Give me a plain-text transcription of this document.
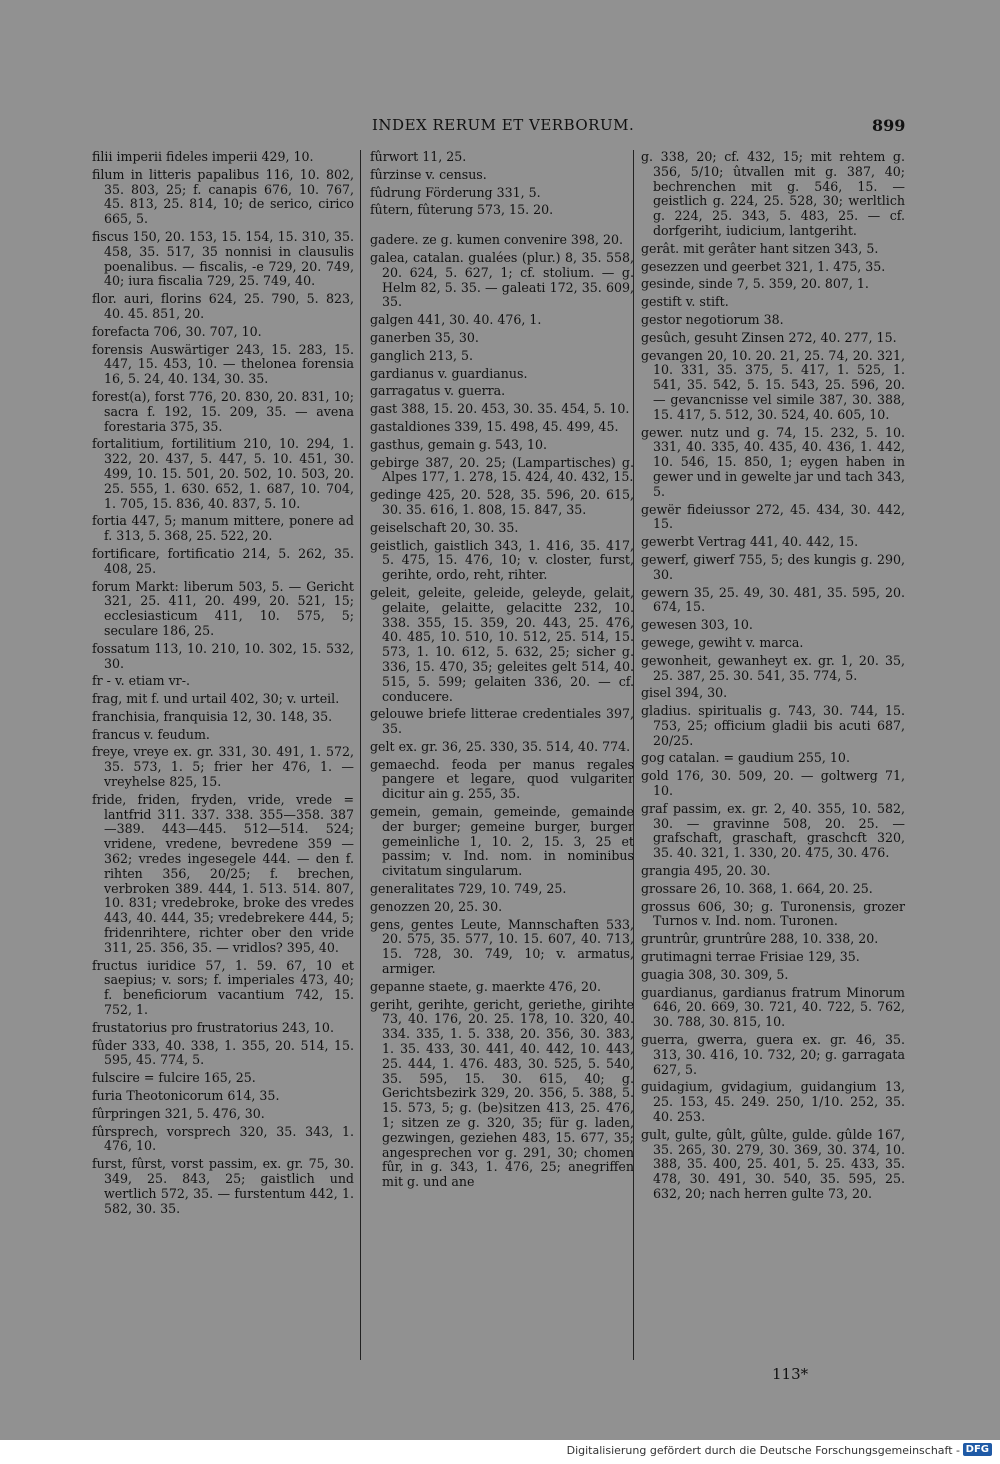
INDEX RERUM ET VERBORUM.	899
filii imperii fideles imperii 429, 10.
filum in litteris papalibus 116, 10. 802, 35. 803, 25; f. canapis 676, 10. 767, 45. 813, 25. 814, 10; de serico, cirico 665, 5.
fiscus 150, 20. 153, 15. 154, 15. 310, 35. 458, 35. 517, 35 nonnisi in clausulis poenalibus. — fiscalis, -e 729, 20. 749, 40; iura fiscalia 729, 25. 749, 40.
flor. auri, florins 624, 25. 790, 5. 823, 40. 45. 851, 20.
forefacta 706, 30. 707, 10.
forensis Auswärtiger 243, 15. 283, 15. 447, 15. 453, 10. — thelonea forensia 16, 5. 24, 40. 134, 30. 35.
forest(a), forst 776, 20. 830, 20. 831, 10; sacra f. 192, 15. 209, 35. — avena forestaria 375, 35.
fortalitium, fortilitium 210, 10. 294, 1. 322, 20. 437, 5. 447, 5. 10. 451, 30. 499, 10. 15. 501, 20. 502, 10. 503, 20. 25. 555, 1. 630. 652, 1. 687, 10. 704, 1. 705, 15. 836, 40. 837, 5. 10.
fortia 447, 5; manum mittere, ponere ad f. 313, 5. 368, 25. 522, 20.
fortificare, fortificatio 214, 5. 262, 35. 408, 25.
forum Markt: liberum 503, 5. — Gericht 321, 25. 411, 20. 499, 20. 521, 15; ecclesiasticum 411, 10. 575, 5; seculare 186, 25.
fossatum 113, 10. 210, 10. 302, 15. 532, 30.
fr - v. etiam vr-.
frag, mit f. und urtail 402, 30; v. urteil.
franchisia, franquisia 12, 30. 148, 35.
francus v. feudum.
freye, vreye ex. gr. 331, 30. 491, 1. 572, 35. 573, 1. 5; frier her 476, 1. — vreyhelse 825, 15.
fride, friden, fryden, vride, vrede = lantfrid 311. 337. 338. 355—358. 387—389. 443—445. 512—514. 524; vridene, vredene, bevredene 359 —362; vredes ingesegele 444. — den f. rihten 356, 20/25; f. brechen, verbroken 389. 444, 1. 513. 514. 807, 10. 831; vredebroke, broke des vredes 443, 40. 444, 35; vredebrekere 444, 5; fridenrihtere, richter ober den vride 311, 25. 356, 35. — vridlos? 395, 40.
fructus iuridice 57, 1. 59. 67, 10 et saepius; v. sors; f. imperiales 473, 40; f. beneficiorum vacantium 742, 15. 752, 1.
frustatorius pro frustratorius 243, 10.
fûder 333, 40. 338, 1. 355, 20. 514, 15. 595, 45. 774, 5.
fulscire = fulcire 165, 25.
furia Theotonicorum 614, 35.
fûrpringen 321, 5. 476, 30.
fûrsprech, vorsprech 320, 35. 343, 1. 476, 10.
furst, fûrst, vorst passim, ex. gr. 75, 30. 349, 25. 843, 25; gaistlich und wertlich 572, 35. — furstentum 442, 1. 582, 30. 35.
fûrwort 11, 25.
fûrzinse v. census.
fûdrung Förderung 331, 5.
fûtern, fûterung 573, 15. 20.
gadere. ze g. kumen convenire 398, 20.
galea, catalan. gualées (plur.) 8, 35. 558, 20. 624, 5. 627, 1; cf. stolium. — g. Helm 82, 5. 35. — galeati 172, 35. 609, 35.
galgen 441, 30. 40. 476, 1.
ganerben 35, 30.
ganglich 213, 5.
gardianus v. guardianus.
garragatus v. guerra.
gast 388, 15. 20. 453, 30. 35. 454, 5. 10.
gastaldiones 339, 15. 498, 45. 499, 45.
gasthus, gemain g. 543, 10.
gebirge 387, 20. 25; (Lampartisches) g. Alpes 177, 1. 278, 15. 424, 40. 432, 15.
gedinge 425, 20. 528, 35. 596, 20. 615, 30. 35. 616, 1. 808, 15. 847, 35.
geiselschaft 20, 30. 35.
geistlich, gaistlich 343, 1. 416, 35. 417, 5. 475, 15. 476, 10; v. closter, furst, gerihte, ordo, reht, rihter.
geleit, geleite, geleide, geleyde, gelait, gelaite, gelaitte, gelacitte 232, 10. 338. 355, 15. 359, 20. 443, 25. 476, 40. 485, 10. 510, 10. 512, 25. 514, 15. 573, 1. 10. 612, 5. 632, 25; sicher g. 336, 15. 470, 35; geleites gelt 514, 40. 515, 5. 599; gelaiten 336, 20. — cf. conducere.
gelouwe briefe litterae credentiales 397, 35.
gelt ex. gr. 36, 25. 330, 35. 514, 40. 774.
gemaechd. feoda per manus regales pangere et legare, quod vulgariter dicitur ain g. 255, 35.
gemein, gemain, gemeinde, gemainde der burger; gemeine burger, burger gemeinliche 1, 10. 2, 15. 3, 25 et passim; v. Ind. nom. in nominibus civitatum singularum.
generalitates 729, 10. 749, 25.
genozzen 20, 25. 30.
gens, gentes Leute, Mannschaften 533, 20. 575, 35. 577, 10. 15. 607, 40. 713, 15. 728, 30. 749, 10; v. armatus, armiger.
gepanne staete, g. maerkte 476, 20.
geriht, gerihte, gericht, geriethe, girihte 73, 40. 176, 20. 25. 178, 10. 320, 40. 334. 335, 1. 5. 338, 20. 356, 30. 383, 1. 35. 433, 30. 441, 40. 442, 10. 443, 25. 444, 1. 476. 483, 30. 525, 5. 540, 35. 595, 15. 30. 615, 40; g. Gerichtsbezirk 329, 20. 356, 5. 388, 5. 15. 573, 5; g. (be)sitzen 413, 25. 476, 1; sitzen ze g. 320, 35; für g. laden, gezwingen, geziehen 483, 15. 677, 35; angesprechen vor g. 291, 30; chomen fûr, in g. 343, 1. 476, 25; anegriffen mit g. und ane
g. 338, 20; cf. 432, 15; mit rehtem g. 356, 5/10; ûtvallen mit g. 387, 40; bechrenchen mit g. 546, 15. — geistlich g. 224, 25. 528, 30; werltlich g. 224, 25. 343, 5. 483, 25. — cf. dorfgeriht, iudicium, lantgeriht.
gerât. mit gerâter hant sitzen 343, 5.
gesezzen und geerbet 321, 1. 475, 35.
gesinde, sinde 7, 5. 359, 20. 807, 1.
gestift v. stift.
gestor negotiorum 38.
gesûch, gesuht Zinsen 272, 40. 277, 15.
gevangen 20, 10. 20. 21, 25. 74, 20. 321, 10. 331, 35. 375, 5. 417, 1. 525, 1. 541, 35. 542, 5. 15. 543, 25. 596, 20. — gevancnisse vel simile 387, 30. 388, 15. 417, 5. 512, 30. 524, 40. 605, 10.
gewer. nutz und g. 74, 15. 232, 5. 10. 331, 40. 335, 40. 435, 40. 436, 1. 442, 10. 546, 15. 850, 1; eygen haben in gewer und in gewelte jar und tach 343, 5.
gewër fideiussor 272, 45. 434, 30. 442, 15.
gewerbt Vertrag 441, 40. 442, 15.
gewerf, giwerf 755, 5; des kungis g. 290, 30.
gewern 35, 25. 49, 30. 481, 35. 595, 20. 674, 15.
gewesen 303, 10.
gewege, gewiht v. marca.
gewonheit, gewanheyt ex. gr. 1, 20. 35, 25. 387, 25. 30. 541, 35. 774, 5.
gisel 394, 30.
gladius. spiritualis g. 743, 30. 744, 15. 753, 25; officium gladii bis acuti 687, 20/25.
gog catalan. = gaudium 255, 10.
gold 176, 30. 509, 20. — goltwerg 71, 10.
graf passim, ex. gr. 2, 40. 355, 10. 582, 30. — gravinne 508, 20. 25. — grafschaft, graschaft, graschcft 320, 35. 40. 321, 1. 330, 20. 475, 30. 476.
grangia 495, 20. 30.
grossare 26, 10. 368, 1. 664, 20. 25.
grossus 606, 30; g. Turonensis, grozer Turnos v. Ind. nom. Turonen.
gruntrûr, gruntrûre 288, 10. 338, 20.
grutimagni terrae Frisiae 129, 35.
guagia 308, 30. 309, 5.
guardianus, gardianus fratrum Minorum 646, 20. 669, 30. 721, 40. 722, 5. 762, 30. 788, 30. 815, 10.
guerra, gwerra, guera ex. gr. 46, 35. 313, 30. 416, 10. 732, 20; g. garragata 627, 5.
guidagium, gvidagium, guidangium 13, 25. 153, 45. 249. 250, 1/10. 252, 35. 40. 253.
gult, gulte, gûlt, gûlte, gulde. gûlde 167, 35. 265, 30. 279, 30. 369, 30. 374, 10. 388, 35. 400, 25. 401, 5. 25. 433, 35. 478, 30. 491, 30. 540, 35. 595, 25. 632, 20; nach herren gulte 73, 20.
113*
Digitalisierung gefördert durch die Deutsche Forschungsgemeinschaft - DFG
